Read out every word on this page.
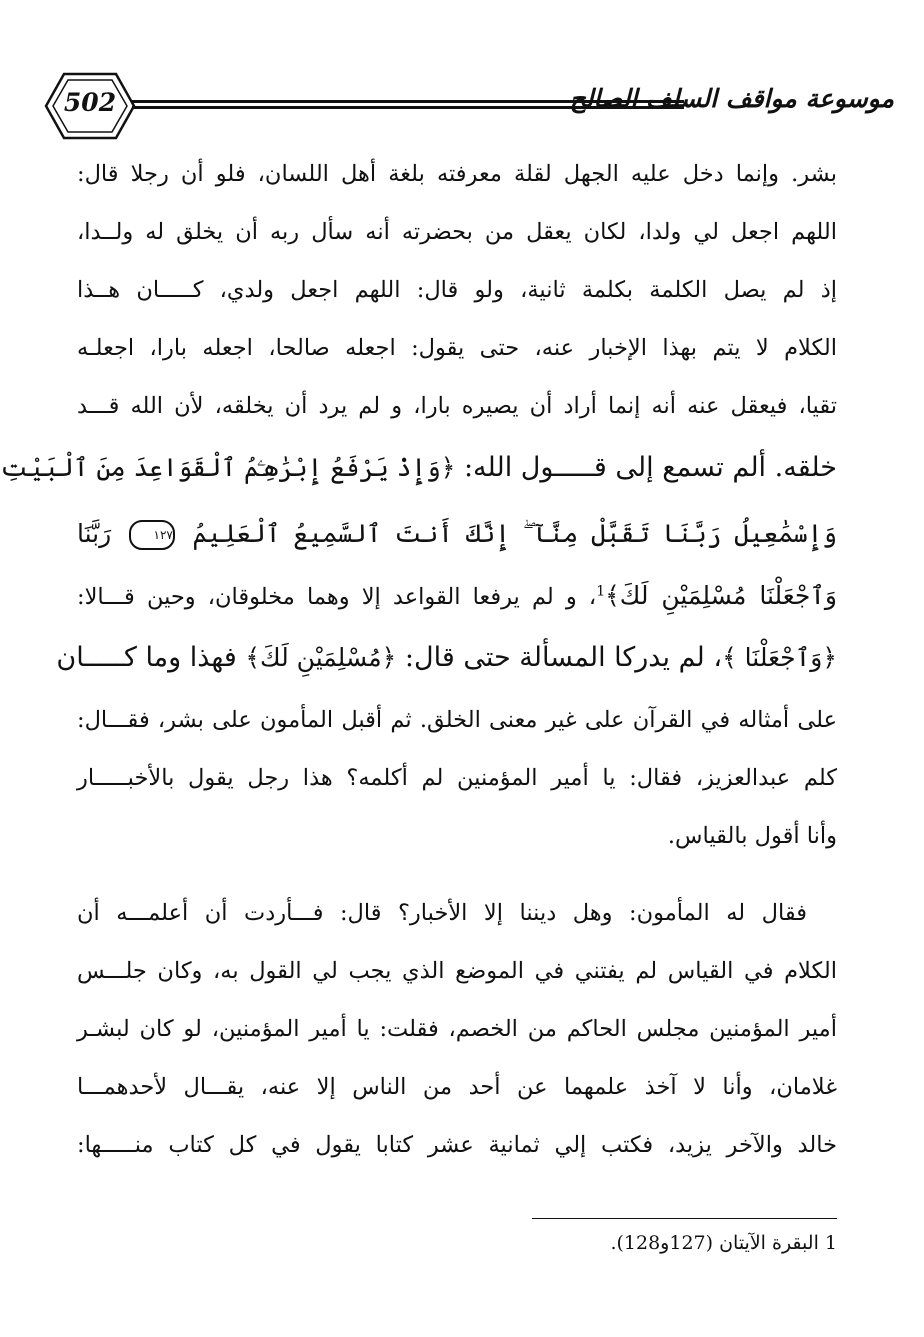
502	موسوعة مواقف السلف الصالح
بشر. وإنما دخل عليه الجهل لقلة معرفته بلغة أهل اللسان، فلو أن رجلا قال:
اللهم اجعل لي ولدا، لكان يعقل من بحضرته أنه سأل ربه أن يخلق له ولــدا،
إذ لم يصل الكلمة بكلمة ثانية، ولو قال: اللهم اجعل ولدي، كـــــان هــذا
الكلام لا يتم بهذا الإخبار عنه، حتى يقول: اجعله صالحا، اجعله بارا، اجعلـه
تقيا، فيعقل عنه أنه إنما أراد أن يصيره بارا، و لم يرد أن يخلقه، لأن الله قـــد
خلقه. ألم تسمع إلى قـــــول الله: ﴿وَإِذْ يَرْفَعُ إِبْرَٰهِـۧمُ ٱلْقَوَاعِدَ مِنَ ٱلْبَيْتِ
وَإِسْمَٰعِيلُ رَبَّنَا تَقَبَّلْ مِنَّآ ۖ إِنَّكَ أَنتَ ٱلسَّمِيعُ ٱلْعَلِيمُ ١٢٧ رَبَّنَا
وَٱجْعَلْنَا مُسْلِمَيْنِ لَكَ﴾$^1$، و لم يرفعا القواعد إلا وهما مخلوقان، وحين قـــالا:
﴿وَٱجْعَلْنَا ﴾، لم يدركا المسألة حتى قال: ﴿مُسْلِمَيْنِ لَكَ﴾ فهذا وما كـــــان
على أمثاله في القرآن على غير معنى الخلق. ثم أقبل المأمون على بشر، فقـــال:
كلم عبدالعزيز، فقال: يا أمير المؤمنين لم أكلمه؟ هذا رجل يقول بالأخبـــــار
وأنا أقول بالقياس.
فقال له المأمون: وهل ديننا إلا الأخبار؟ قال: فـــأردت أن أعلمـــه أن
الكلام في القياس لم يفتني في الموضع الذي يجب لي القول به، وكان جلـــس
أمير المؤمنين مجلس الحاكم من الخصم، فقلت: يا أمير المؤمنين، لو كان لبشـر
غلامان، وأنا لا آخذ علمهما عن أحد من الناس إلا عنه، يقـــال لأحدهمـــا
خالد والآخر يزيد، فكتب إلي ثمانية عشر كتابا يقول في كل كتاب منـــــها:
1 البقرة الآيتان (127و128).
